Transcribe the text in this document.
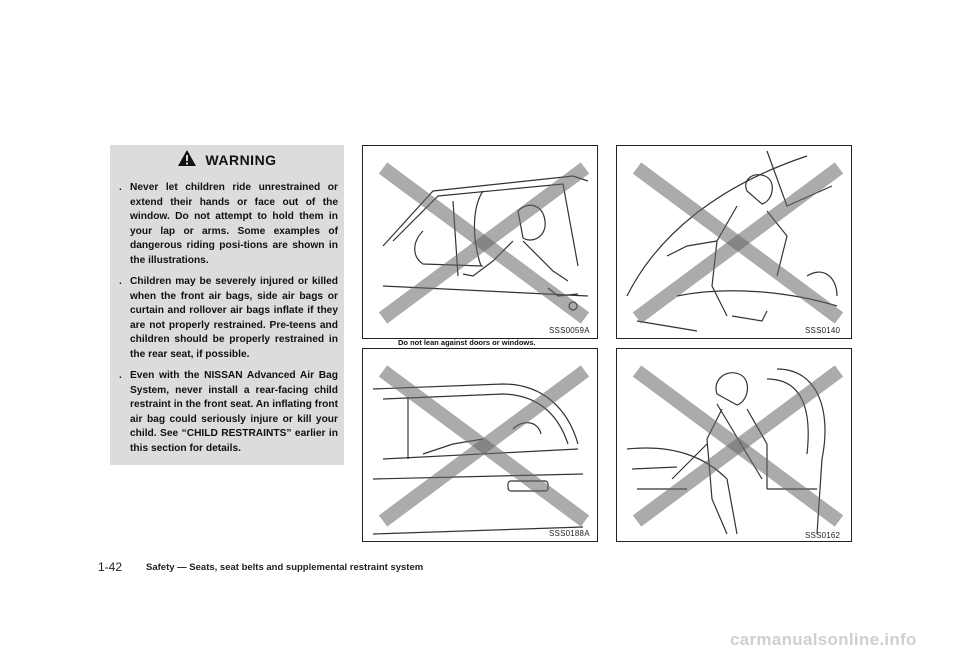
WARNING
. Never let children ride unrestrained or extend their hands or face out of the window. Do not attempt to hold them in your lap or arms. Some examples of dangerous riding posi-tions are shown in the illustrations.
. Children may be severely injured or killed when the front air bags, side air bags or curtain and rollover air bags inflate if they are not properly restrained. Pre-teens and children should be properly restrained in the rear seat, if possible.
. Even with the NISSAN Advanced Air Bag System, never install a rear-facing child restraint in the front seat. An inflating front air bag could seriously injure or kill your child. See “CHILD RESTRAINTS” earlier in this section for details.
SSS0059A
Do not lean against doors or windows.
SSS0140
SSS0188A	SSS0162
1-42	Safety — Seats, seat belts and supplemental restraint system
carmanualsonline.info
